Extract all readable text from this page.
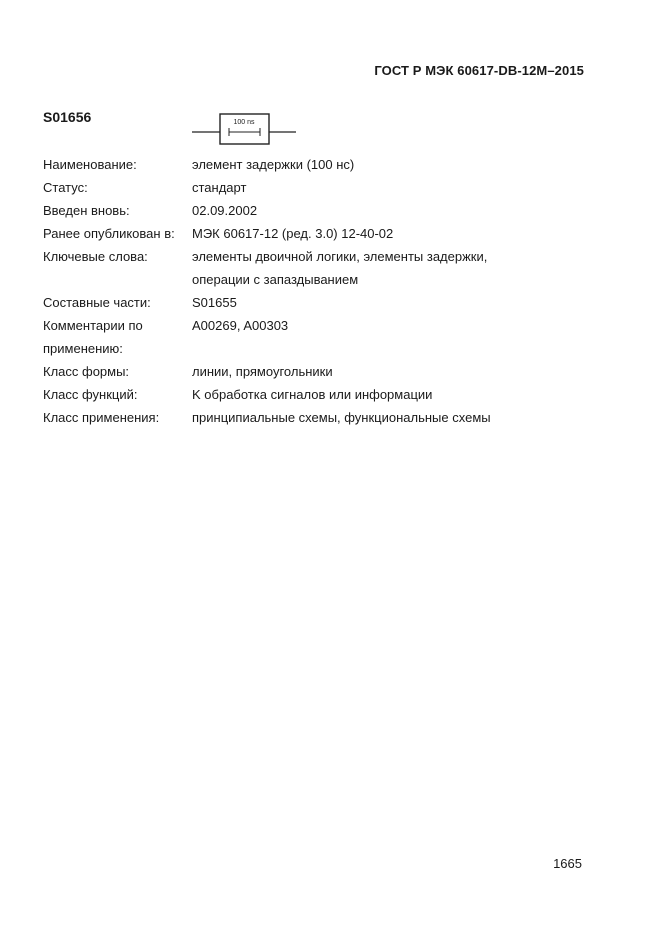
ГОСТ Р МЭК 60617-DB-12M–2015
S01656	100 ns
Наименование:	элемент задержки (100 нс)
Статус:	стандарт
Введен вновь:	02.09.2002
Ранее опубликован в:	МЭК 60617-12 (ред. 3.0) 12-40-02
Ключевые слова:	элементы двоичной логики, элементы задержки,
операции с запаздыванием
Составные части:	S01655
Комментарии по
применению:
A00269, A00303
Класс формы:	линии, прямоугольники
Класс функций:	K обработка сигналов или информации
Класс применения:	принципиальные схемы, функциональные схемы
1665
